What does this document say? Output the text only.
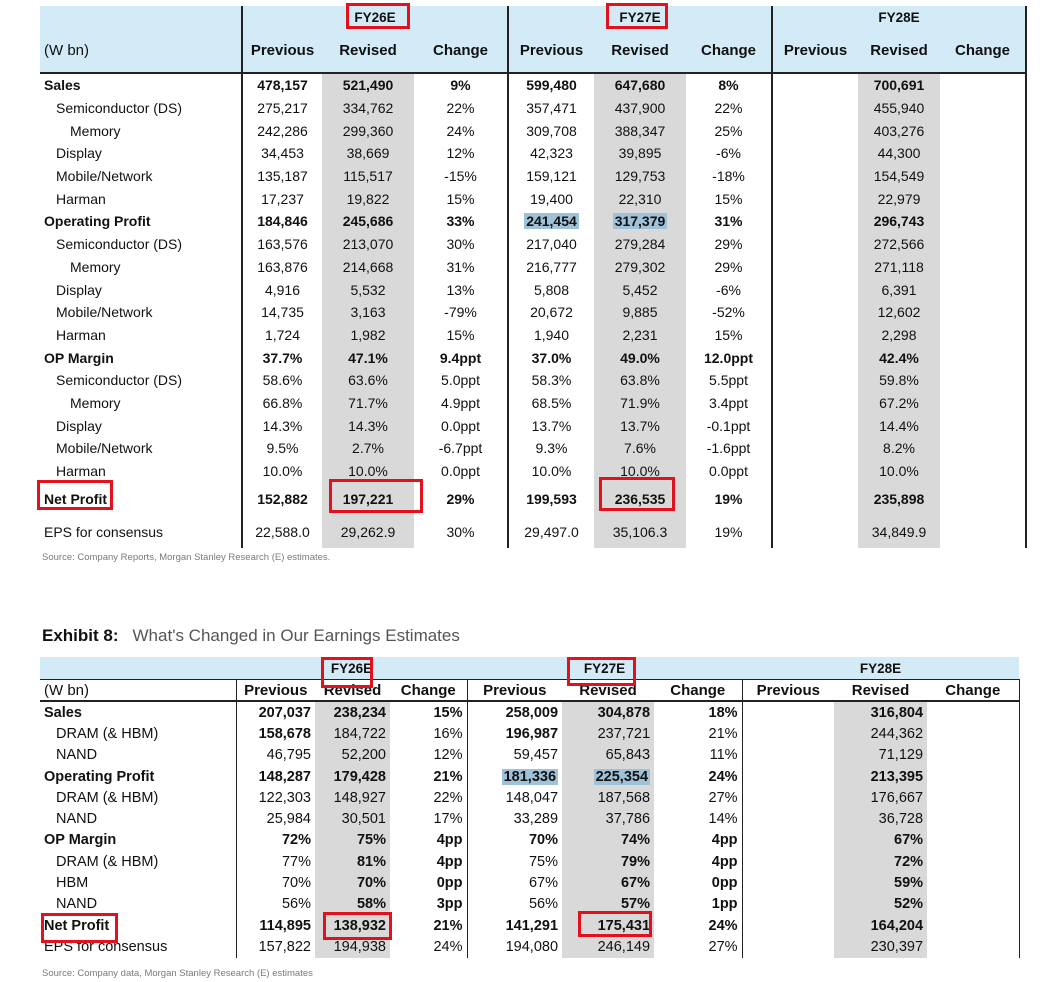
	FY26E			FY27E			FY28E		
(W bn)	Previous	Revised	Change	Previous	Revised	Change	Previous	Revised	Change
Sales	478,157	521,490	9%	599,480	647,680	8%		700,691	
Semiconductor (DS)	275,217	334,762	22%	357,471	437,900	22%		455,940	
Memory	242,286	299,360	24%	309,708	388,347	25%		403,276	
Display	34,453	38,669	12%	42,323	39,895	-6%		44,300	
Mobile/Network	135,187	115,517	-15%	159,121	129,753	-18%		154,549	
Harman	17,237	19,822	15%	19,400	22,310	15%		22,979	
Operating Profit	184,846	245,686	33%	241,454	317,379	31%		296,743	
Semiconductor (DS)	163,576	213,070	30%	217,040	279,284	29%		272,566	
Memory	163,876	214,668	31%	216,777	279,302	29%		271,118	
Display	4,916	5,532	13%	5,808	5,452	-6%		6,391	
Mobile/Network	14,735	3,163	-79%	20,672	9,885	-52%		12,602	
Harman	1,724	1,982	15%	1,940	2,231	15%		2,298	
OP Margin	37.7%	47.1%	9.4ppt	37.0%	49.0%	12.0ppt		42.4%	
Semiconductor (DS)	58.6%	63.6%	5.0ppt	58.3%	63.8%	5.5ppt		59.8%	
Memory	66.8%	71.7%	4.9ppt	68.5%	71.9%	3.4ppt		67.2%	
Display	14.3%	14.3%	0.0ppt	13.7%	13.7%	-0.1ppt		14.4%	
Mobile/Network	9.5%	2.7%	-6.7ppt	9.3%	7.6%	-1.6ppt		8.2%	
Harman	10.0%	10.0%	0.0ppt	10.0%	10.0%	0.0ppt		10.0%	
Net Profit	152,882	197,221	29%	199,593	236,535	19%		235,898	
EPS for consensus	22,588.0	29,262.9	30%	29,497.0	35,106.3	19%		34,849.9	
Source: Company Reports, Morgan Stanley Research (E) estimates.
Exhibit 8: What's Changed in Our Earnings Estimates
	FY26E			FY27E			FY28E		
(W bn)	Previous	Revised	Change	Previous	Revised	Change	Previous	Revised	Change
Sales	207,037	238,234	15%	258,009	304,878	18%		316,804	
DRAM (& HBM)	158,678	184,722	16%	196,987	237,721	21%		244,362	
NAND	46,795	52,200	12%	59,457	65,843	11%		71,129	
Operating Profit	148,287	179,428	21%	181,336	225,354	24%		213,395	
DRAM (& HBM)	122,303	148,927	22%	148,047	187,568	27%		176,667	
NAND	25,984	30,501	17%	33,289	37,786	14%		36,728	
OP Margin	72%	75%	4pp	70%	74%	4pp		67%	
DRAM (& HBM)	77%	81%	4pp	75%	79%	4pp		72%	
HBM	70%	70%	0pp	67%	67%	0pp		59%	
NAND	56%	58%	3pp	56%	57%	1pp		52%	
Net Profit	114,895	138,932	21%	141,291	175,431	24%		164,204	
EPS for consensus	157,822	194,938	24%	194,080	246,149	27%		230,397	
Source: Company data, Morgan Stanley Research (E) estimates
